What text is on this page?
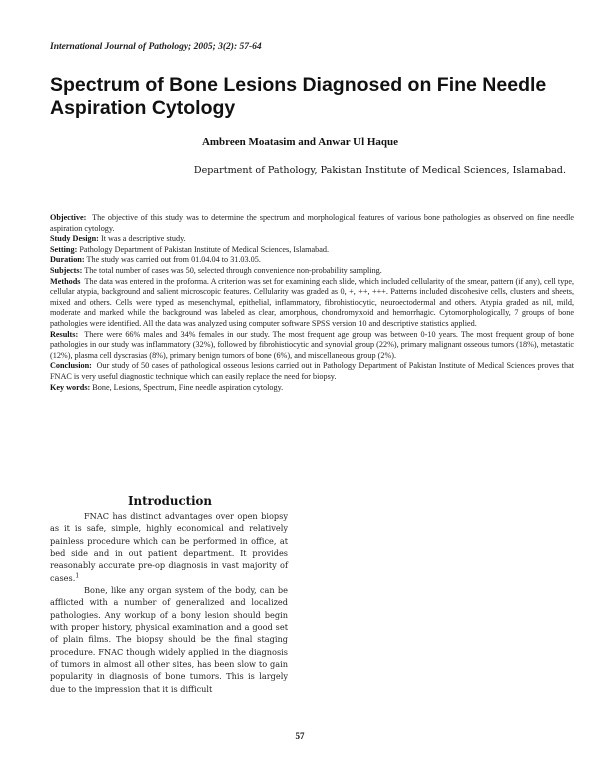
International Journal of Pathology; 2005; 3(2): 57-64
Spectrum of Bone Lesions Diagnosed on Fine Needle Aspiration Cytology
Ambreen Moatasim and Anwar Ul Haque
Department of Pathology, Pakistan Institute of Medical Sciences, Islamabad.

Objective: The objective of this study was to determine the spectrum and morphological features of various bone pathologies as observed on fine needle aspiration cytology.

Study Design: It was a descriptive study.

Setting: Pathology Department of Pakistan Institute of Medical Sciences, Islamabad.

Duration: The study was carried out from 01.04.04 to 31.03.05.

Subjects: The total number of cases was 50, selected through convenience non-probability sampling.

Methods The data was entered in the proforma. A criterion was set for examining each slide, which included cellularity of the smear, pattern (if any), cell type, cellular atypia, background and salient microscopic features. Cellularity was graded as 0, +, ++, +++. Patterns included discohesive cells, clusters and sheets, mixed and others. Cells were typed as mesenchymal, epithelial, inflammatory, fibrohistiocytic, neuroectodermal and others. Atypia graded as nil, mild, moderate and marked while the background was labeled as clear, amorphous, chondromyxoid and hemorrhagic. Cytomorphologically, 7 groups of bone pathologies were identified. All the data was analyzed using computer software SPSS version 10 and descriptive statistics applied.

Results: There were 66% males and 34% females in our study. The most frequent age group was between 0-10 years. The most frequent group of bone pathologies in our study was inflammatory (32%), followed by fibrohistiocytic and synovial group (22%), primary malignant osseous tumors (18%), metastatic (12%), plasma cell dyscrasias (8%), primary benign tumors of bone (6%), and miscellaneous group (2%).

Conclusion: Our study of 50 cases of pathological osseous lesions carried out in Pathology Department of Pakistan Institute of Medical Sciences proves that FNAC is very useful diagnostic technique which can easily replace the need for biopsy.

Key words: Bone, Lesions, Spectrum, Fine needle aspiration cytology.

Introduction

FNAC has distinct advantages over open biopsy as it is safe, simple, highly economical and relatively painless procedure which can be performed in office, at bed side and in out patient department. It provides reasonably accurate pre-op diagnosis in vast majority of cases.$^1$

Bone, like any organ system of the body, can be afflicted with a number of generalized and localized pathologies. Any workup of a bony lesion should begin with proper history, physical examination and a good set of plain films. The biopsy should be the final staging procedure. FNAC though widely applied in the diagnosis of tumors in almost all other sites, has been slow to gain popularity in diagnosis of bone tumors. This is largely due to the impression that it is difficult

57
